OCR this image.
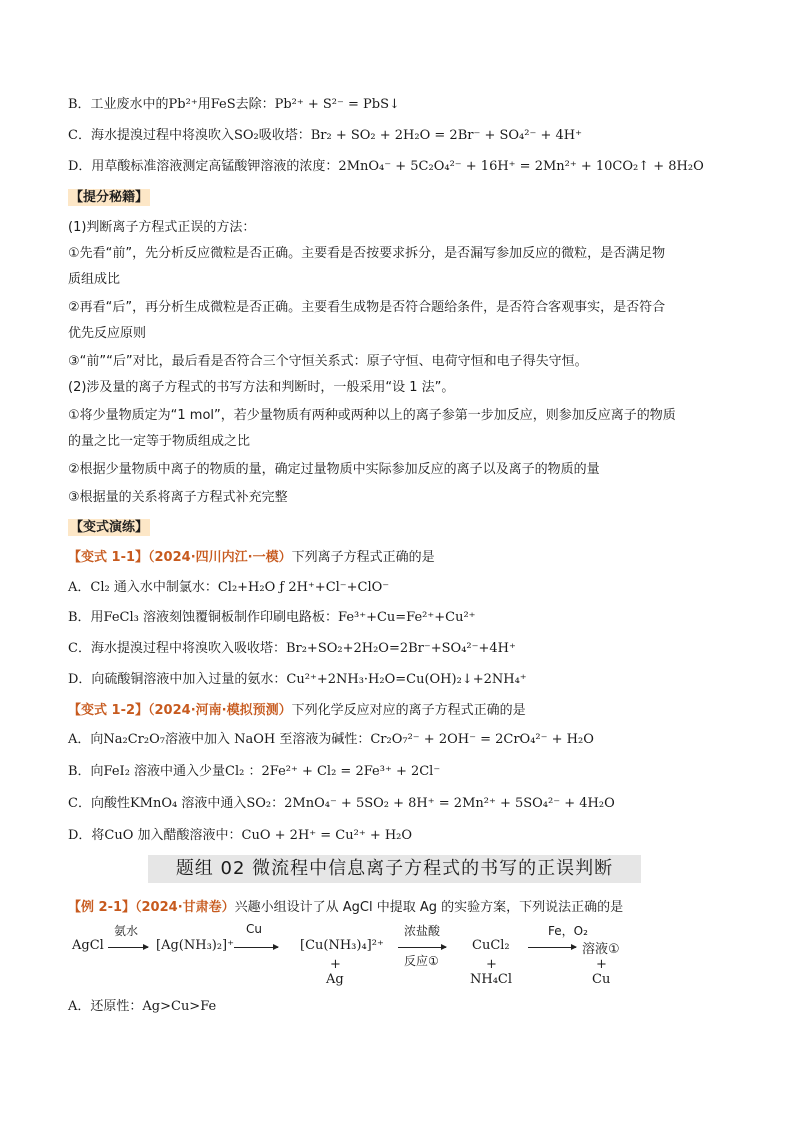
B．工业废水中的Pb²⁺用FeS去除：Pb²⁺ + S²⁻ = PbS↓
C．海水提溴过程中将溴吹入SO₂吸收塔：Br₂ + SO₂ + 2H₂O = 2Br⁻ + SO₄²⁻ + 4H⁺
D．用草酸标准溶液测定高锰酸钾溶液的浓度：2MnO₄⁻ + 5C₂O₄²⁻ + 16H⁺ = 2Mn²⁺ + 10CO₂↑ + 8H₂O
【提分秘籍】
(1)判断离子方程式正误的方法：
①先看“前”，先分析反应微粒是否正确。主要看是否按要求拆分，是否漏写参加反应的微粒，是否满足物
质组成比
②再看“后”，再分析生成微粒是否正确。主要看生成物是否符合题给条件，是否符合客观事实，是否符合
优先反应原则
③“前”“后”对比，最后看是否符合三个守恒关系式：原子守恒、电荷守恒和电子得失守恒。
(2)涉及量的离子方程式的书写方法和判断时，一般采用“设 1 法”。
①将少量物质定为“1 mol”，若少量物质有两种或两种以上的离子参第一步加反应，则参加反应离子的物质
的量之比一定等于物质组成之比
②根据少量物质中离子的物质的量，确定过量物质中实际参加反应的离子以及离子的物质的量
③根据量的关系将离子方程式补充完整
【变式演练】
【变式 1-1】（2024·四川内江·一模）下列离子方程式正确的是
A．Cl₂ 通入水中制氯水：Cl₂+H₂O ƒ 2H⁺+Cl⁻+ClO⁻
B．用FeCl₃ 溶液刻蚀覆铜板制作印刷电路板：Fe³⁺+Cu=Fe²⁺+Cu²⁺
C．海水提溴过程中将溴吹入吸收塔：Br₂+SO₂+2H₂O=2Br⁻+SO₄²⁻+4H⁺
D．向硫酸铜溶液中加入过量的氨水：Cu²⁺+2NH₃·H₂O=Cu(OH)₂↓+2NH₄⁺
【变式 1-2】（2024·河南·模拟预测）下列化学反应对应的离子方程式正确的是
A．向Na₂Cr₂O₇溶液中加入 NaOH 至溶液为碱性：Cr₂O₇²⁻ + 2OH⁻ = 2CrO₄²⁻ + H₂O
B．向FeI₂ 溶液中通入少量Cl₂ ：2Fe²⁺ + Cl₂ = 2Fe³⁺ + 2Cl⁻
C．向酸性KMnO₄ 溶液中通入SO₂：2MnO₄⁻ + 5SO₂ + 8H⁺ = 2Mn²⁺ + 5SO₄²⁻ + 4H₂O
D．将CuO 加入醋酸溶液中：CuO + 2H⁺ = Cu²⁺ + H₂O
题组 02 微流程中信息离子方程式的书写的正误判断
【例 2-1】（2024·甘肃卷）兴趣小组设计了从 AgCl 中提取 Ag 的实验方案，下列说法正确的是
AgCl
氨水
[Ag(NH₃)₂]⁺
Cu
[Cu(NH₃)₄]²⁺
+
Ag
浓盐酸
反应①
CuCl₂
+
NH₄Cl
Fe，O₂
溶液①
+
Cu
A．还原性：Ag>Cu>Fe
